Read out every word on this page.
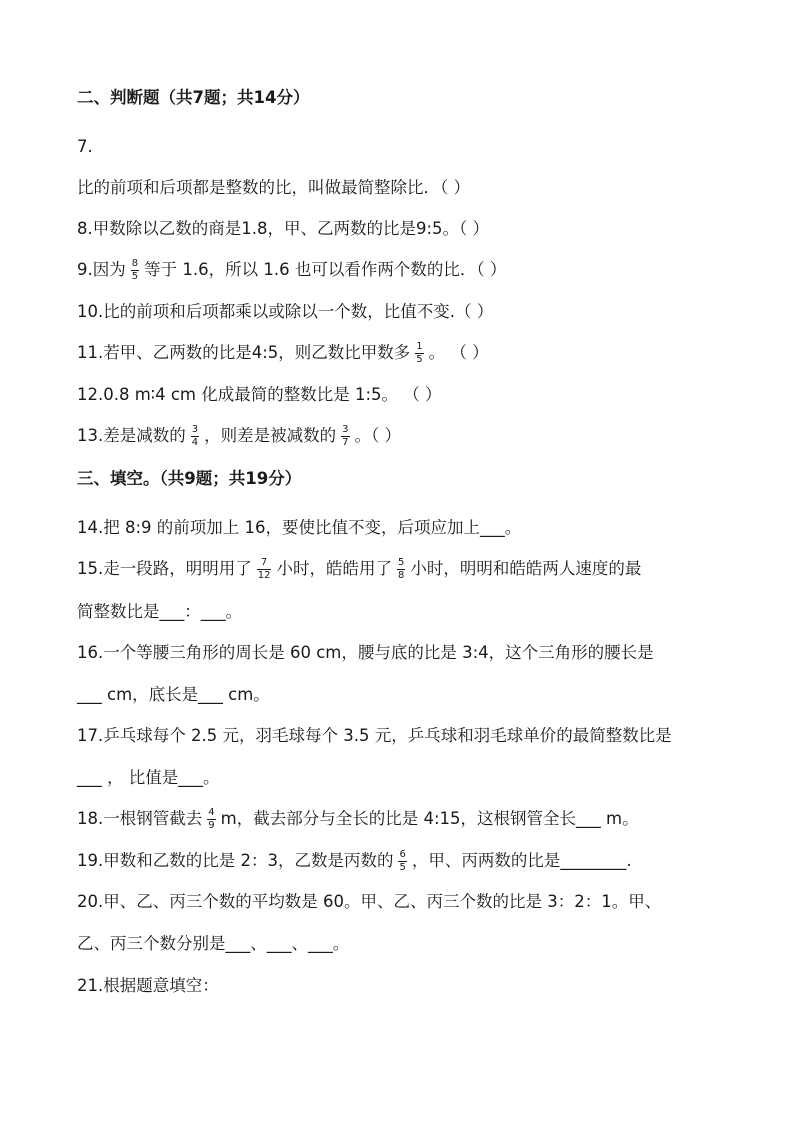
二、判断题（共7题；共14分）
7.
比的前项和后项都是整数的比，叫做最简整除比．（ ）
8.甲数除以乙数的商是1.8，甲、乙两数的比是9:5。（ ）
9.因为 $\frac{8}{5}$ 等于 1.6，所以 1.6 也可以看作两个数的比．（ ）
10.比的前项和后项都乘以或除以一个数，比值不变.（ ）
11.若甲、乙两数的比是4:5，则乙数比甲数多 $\frac{1}{5}$ 。 （ ）
12.0.8 m∶4 cm 化成最简的整数比是 1:5。 （ ）
13.差是减数的 $\frac{3}{4}$ ，则差是被减数的 $\frac{3}{7}$ 。（ ）
三、填空。（共9题；共19分）
14.把 8:9 的前项加上 16，要使比值不变，后项应加上___。
15.走一段路，明明用了 $\frac{7}{12}$ 小时，皓皓用了 $\frac{5}{8}$ 小时，明明和皓皓两人速度的最
简整数比是___：___。
16.一个等腰三角形的周长是 60 cm，腰与底的比是 3:4，这个三角形的腰长是
___ cm，底长是___ cm。
17.乒乓球每个 2.5 元，羽毛球每个 3.5 元，乒乓球和羽毛球单价的最简整数比是
___ ， 比值是___。
18.一根钢管截去 $\frac{4}{9}$ m，截去部分与全长的比是 4:15，这根钢管全长___ m。
19.甲数和乙数的比是 2：3，乙数是丙数的 $\frac{6}{5}$ ，甲、丙两数的比是________.
20.甲、乙、丙三个数的平均数是 60。甲、乙、丙三个数的比是 3：2：1。甲、
乙、丙三个数分别是___、___、___。
21.根据题意填空：
